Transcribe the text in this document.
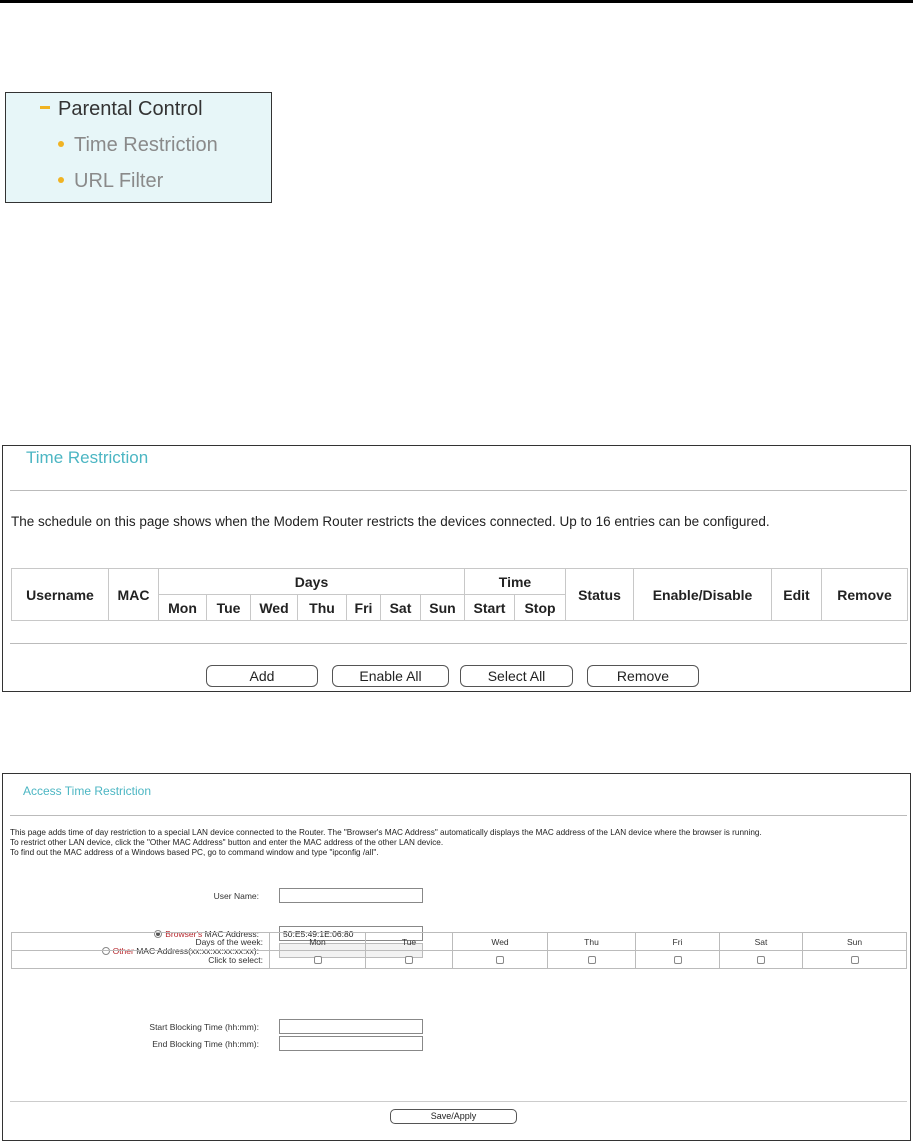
Parental Control
Time Restriction
URL Filter
Time Restriction
The schedule on this page shows when the Modem Router restricts the devices connected. Up to 16 entries can be configured.
Username	MAC	Days							Time		Status	Enable/Disable	Edit	Remove
		Mon	Tue	Wed	Thu	Fri	Sat	Sun	Start	Stop				
Add	Enable All	Select All	Remove
Access Time Restriction
This page adds time of day restriction to a special LAN device connected to the Router. The "Browser's MAC Address" automatically displays the MAC address of the LAN device where the browser is running.
To restrict other LAN device, click the "Other MAC Address" button and enter the MAC address of the other LAN device.
To find out the MAC address of a Windows based PC, go to command window and type "ipconfig /all".
User Name:
Browser's MAC Address:
50:E5:49:1E:06:80
Other MAC Address(xx:xx:xx:xx:xx:xx):
Days of the week:	Mon	Tue	Wed	Thu	Fri	Sat	Sun
Click to select:							
Start Blocking Time (hh:mm):
End Blocking Time (hh:mm):
Save/Apply
